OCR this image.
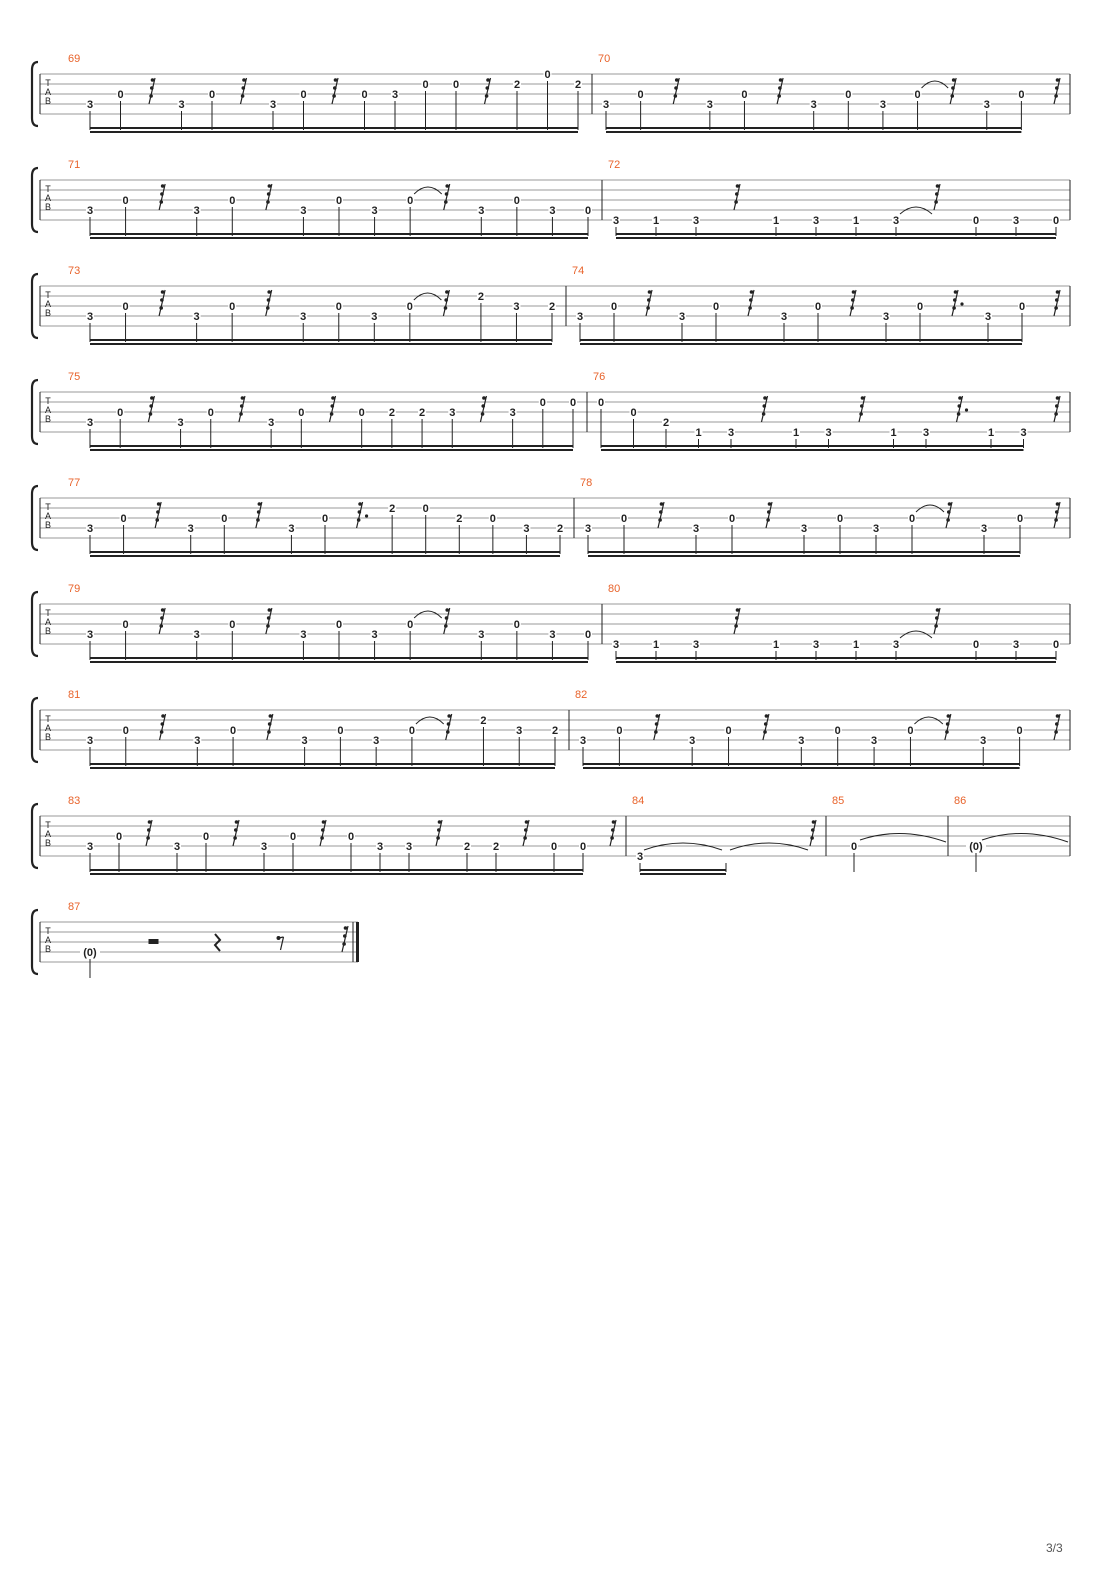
T
A
B
69
3
0
3
0
3
0	0 3
0 0	2
0
2
70
3
0
3
0
3
0
3
0
3
0
T
A
B
71
3
0
3
0
3
0
3
0
3
0
3	0
72
3	1	3	1	3	1	3	0	3	0
T
A
B
73
3
0
3
0
3
0
3
0
2
3	2
74
3
0
3
0
3
0
3
0
3
0
T
A
B
75
3
0
3
0
3
0	0 2 2 3	3
0 0
76
0
0
2
1 3	1 3	1 3	1 3
T
A
B
77
3
0
3
0
3
0
2 0
2 0
3 2
78
3
0
3
0
3
0
3
0
3
0
T
A
B
79
3
0
3
0
3
0
3
0
3
0
3	0
80
3	1	3	1	3	1	3	0	3	0
T
A
B
81
3
0
3
0
3
0
3
0
2
3	2
82
3
0
3
0
3
0
3
0
3
0
T
A
B
83
3
0
3
0
3
0	0
3 3	2 2	0 0
84
3
85
0
86
(0)
T
A
B
87
(0)
3/3
